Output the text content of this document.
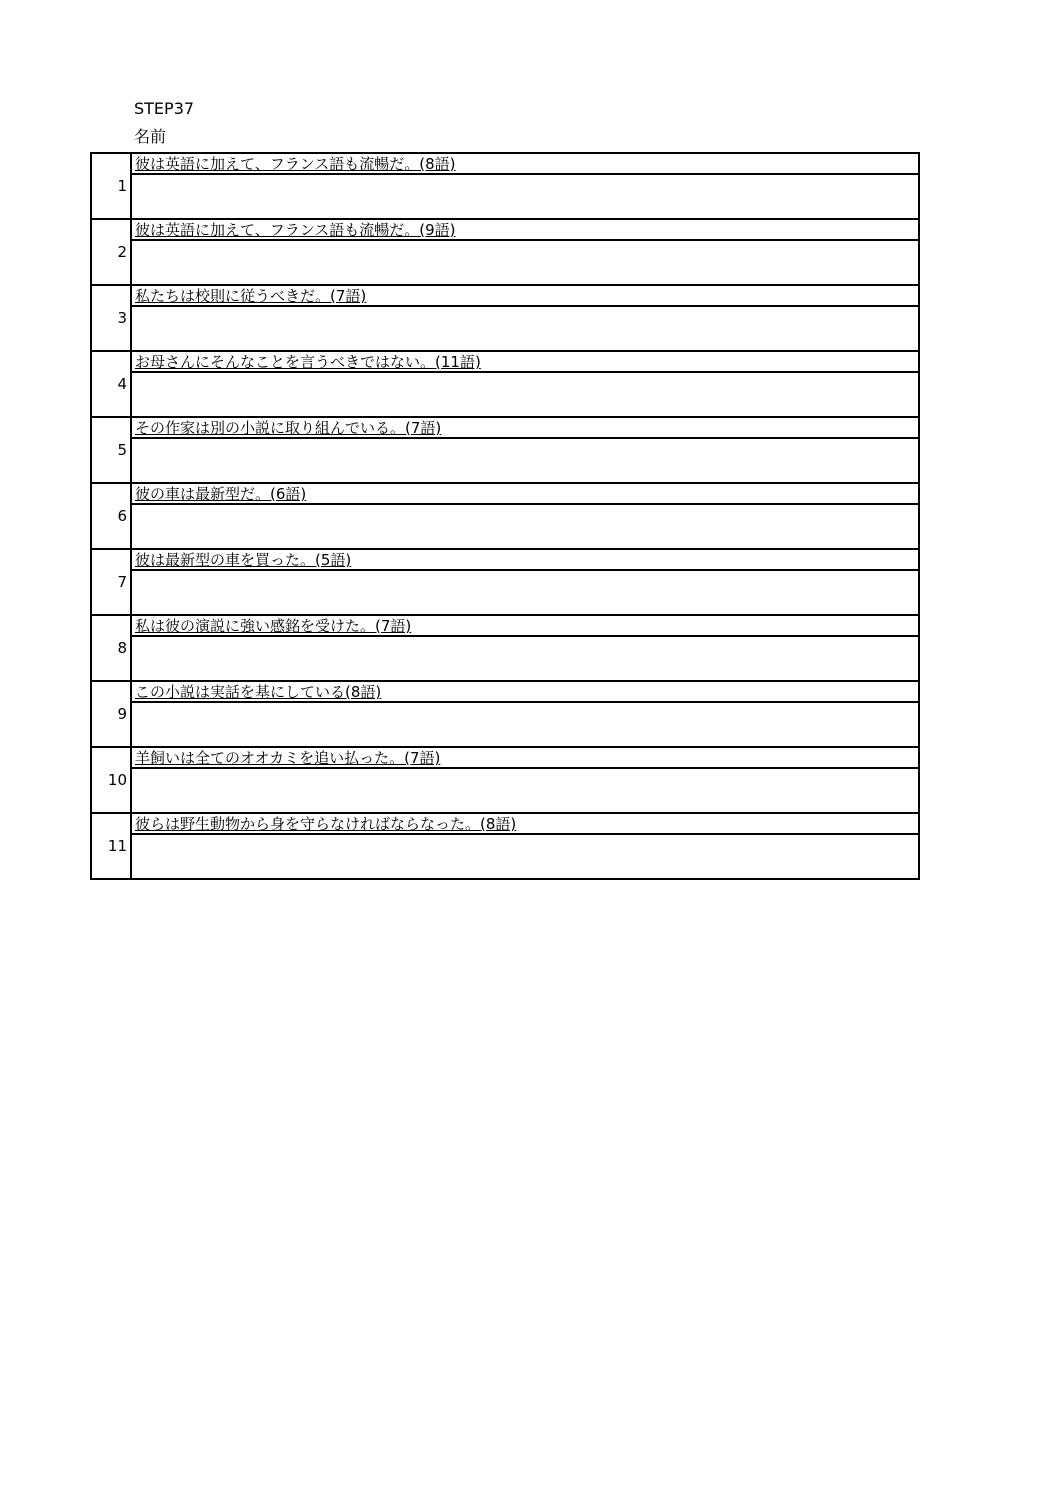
STEP37
名前
1	彼は英語に加えて、フランス語も流暢だ。(8語)

2	彼は英語に加えて、フランス語も流暢だ。(9語)

3	私たちは校則に従うべきだ。(7語)

4	お母さんにそんなことを言うべきではない。(11語)

5	その作家は別の小説に取り組んでいる。(7語)

6	彼の車は最新型だ。(6語)

7	彼は最新型の車を買った。(5語)

8	私は彼の演説に強い感銘を受けた。(7語)

9	この小説は実話を基にしている(8語)

10	羊飼いは全てのオオカミを追い払った。(7語)

11	彼らは野生動物から身を守らなければならなった。(8語)
